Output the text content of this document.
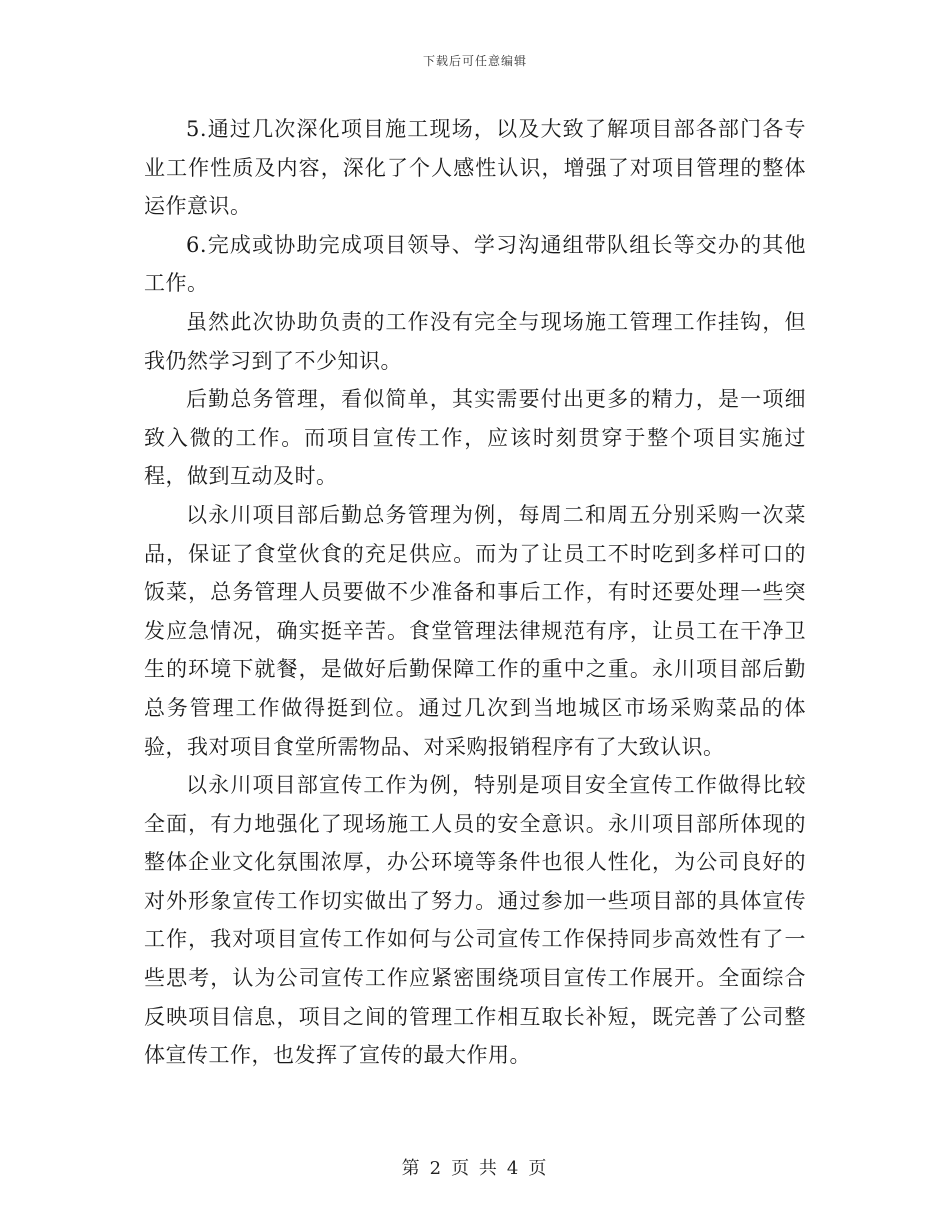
下载后可任意编辑

5.通过几次深化项目施工现场，以及大致了解项目部各部门各专业工作性质及内容，深化了个人感性认识，增强了对项目管理的整体运作意识。

6.完成或协助完成项目领导、学习沟通组带队组长等交办的其他工作。

虽然此次协助负责的工作没有完全与现场施工管理工作挂钩，但我仍然学习到了不少知识。

后勤总务管理，看似简单，其实需要付出更多的精力，是一项细致入微的工作。而项目宣传工作，应该时刻贯穿于整个项目实施过程，做到互动及时。

以永川项目部后勤总务管理为例，每周二和周五分别采购一次菜品，保证了食堂伙食的充足供应。而为了让员工不时吃到多样可口的饭菜，总务管理人员要做不少准备和事后工作，有时还要处理一些突发应急情况，确实挺辛苦。食堂管理法律规范有序，让员工在干净卫生的环境下就餐，是做好后勤保障工作的重中之重。永川项目部后勤总务管理工作做得挺到位。通过几次到当地城区市场采购菜品的体验，我对项目食堂所需物品、对采购报销程序有了大致认识。

以永川项目部宣传工作为例，特别是项目安全宣传工作做得比较全面，有力地强化了现场施工人员的安全意识。永川项目部所体现的整体企业文化氛围浓厚，办公环境等条件也很人性化，为公司良好的对外形象宣传工作切实做出了努力。通过参加一些项目部的具体宣传工作，我对项目宣传工作如何与公司宣传工作保持同步高效性有了一些思考，认为公司宣传工作应紧密围绕项目宣传工作展开。全面综合反映项目信息，项目之间的管理工作相互取长补短，既完善了公司整体宣传工作，也发挥了宣传的最大作用。

第 2 页 共 4 页
